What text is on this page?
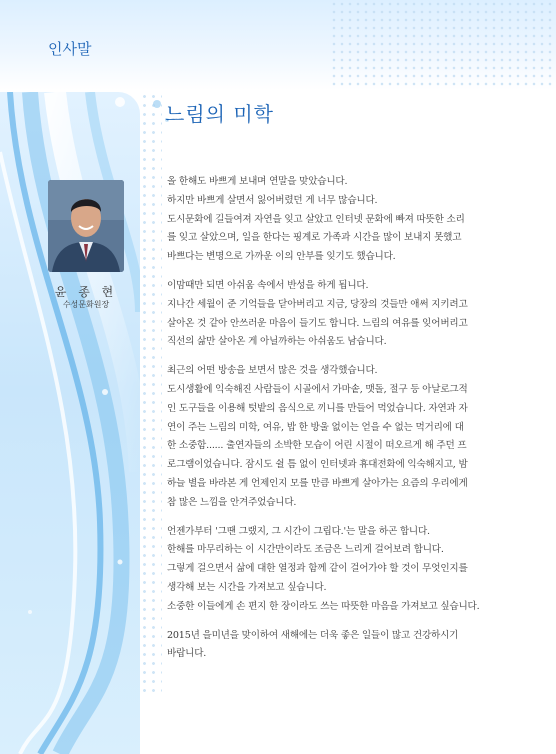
인사말
윤 종 현
수성문화원장
느림의 미학
올 한해도 바쁘게 보내며 연말을 맞았습니다.
하지만 바쁘게 살면서 잃어버렸던 게 너무 많습니다.
도시문화에 길들여져 자연을 잊고 살았고 인터넷 문화에 빠져 따뜻한 소리
를 잊고 살았으며, 일을 한다는 핑계로 가족과 시간을 많이 보내지 못했고
바쁘다는 변명으로 가까운 이의 안부를 잊기도 했습니다.
이맘때만 되면 아쉬움 속에서 반성을 하게 됩니다.
지나간 세월이 준 기억들을 닫아버리고 지금, 당장의 것들만 애써 지키려고
살아온 것 같아 안쓰러운 마음이 들기도 합니다. 느림의 여유를 잊어버리고
직선의 삶만 살아온 게 아닐까하는 아쉬움도 남습니다.
최근의 어떤 방송을 보면서 많은 것을 생각했습니다.
도시생활에 익숙해진 사람들이 시골에서 가마솥, 맷돌, 절구 등 아날로그적
인 도구들을 이용해 텃밭의 음식으로 끼니를 만들어 먹었습니다. 자연과 자
연이 주는 느림의 미학, 여유, 밥 한 방울 없이는 얻을 수 없는 먹거리에 대
한 소중함...... 출연자들의 소박한 모습이 어린 시절이 떠오르게 해 주던 프
로그램이었습니다. 잠시도 쉴 틈 없이 인터넷과 휴대전화에 익숙해지고, 밤
하늘 별을 바라본 게 언제인지 모를 만큼 바쁘게 살아가는 요즘의 우리에게
참 많은 느낌을 안겨주었습니다.
언젠가부터 '그땐 그랬지, 그 시간이 그립다.'는 말을 하곤 합니다.
한해를 마무리하는 이 시간만이라도 조금은 느리게 걸어보려 합니다.
그렇게 걸으면서 삶에 대한 열정과 함께 같이 걸어가야 할 것이 무엇인지를
생각해 보는 시간을 가져보고 싶습니다.
소중한 이들에게 손 편지 한 장이라도 쓰는 따뜻한 마음을 가져보고 싶습니다.
2015년 을미년을 맞이하여 새해에는 더욱 좋은 일들이 많고 건강하시기
바랍니다.
